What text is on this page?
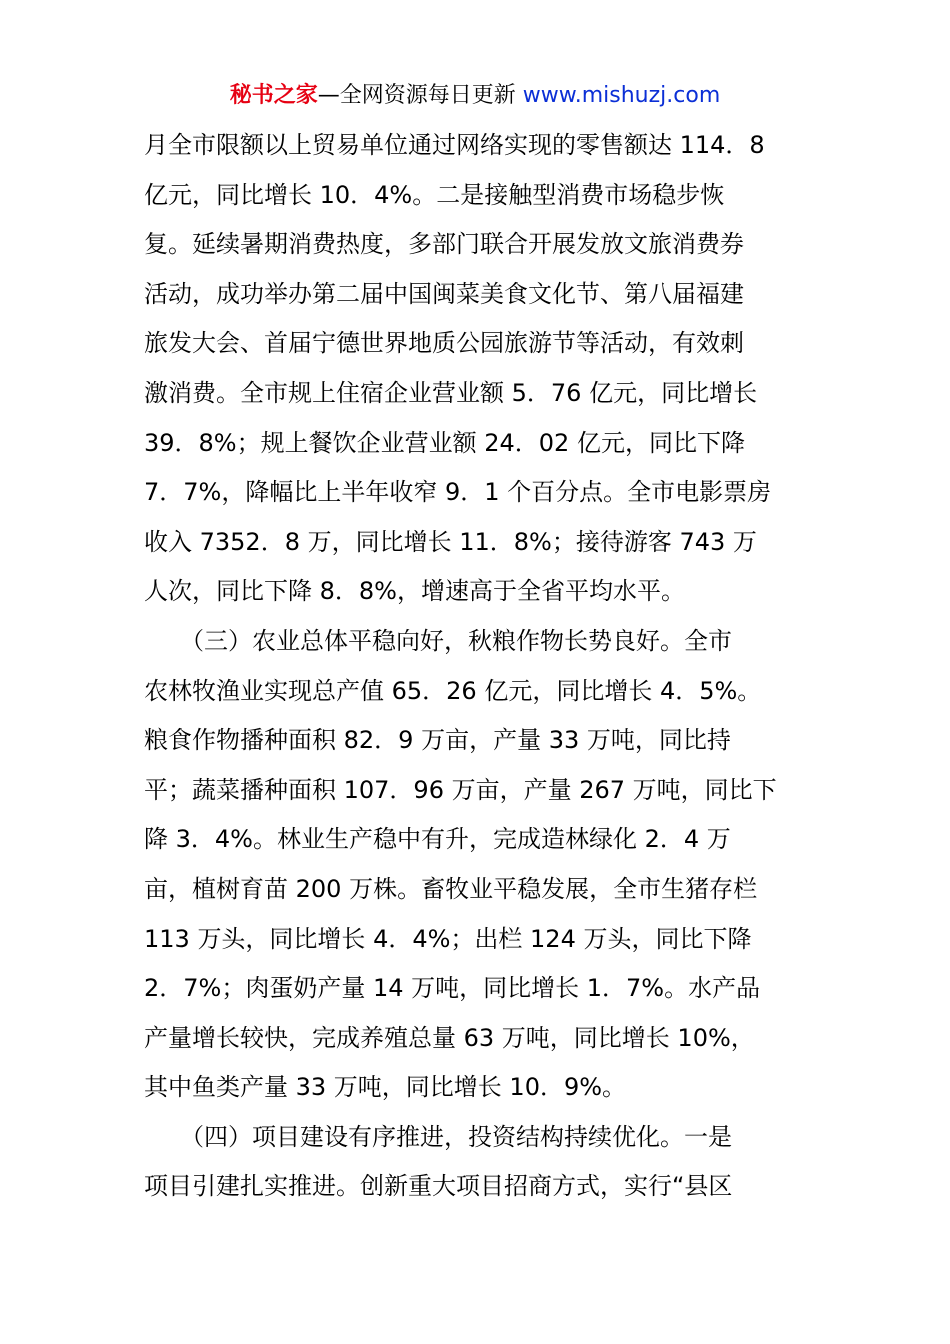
秘书之家—全网资源每日更新 www.mishuzj.com
月全市限额以上贸易单位通过网络实现的零售额达 114．8
亿元，同比增长 10．4%。二是接触型消费市场稳步恢
复。延续暑期消费热度，多部门联合开展发放文旅消费券
活动，成功举办第二届中国闽菜美食文化节、第八届福建
旅发大会、首届宁德世界地质公园旅游节等活动，有效刺
激消费。全市规上住宿企业营业额 5．76 亿元，同比增长
39．8%；规上餐饮企业营业额 24．02 亿元，同比下降
7．7%，降幅比上半年收窄 9．1 个百分点。全市电影票房
收入 7352．8 万，同比增长 11．8%；接待游客 743 万
人次，同比下降 8．8%，增速高于全省平均水平。
　　（三）农业总体平稳向好，秋粮作物长势良好。全市
农林牧渔业实现总产值 65．26 亿元，同比增长 4．5%。
粮食作物播种面积 82．9 万亩，产量 33 万吨，同比持
平；蔬菜播种面积 107．96 万亩，产量 267 万吨，同比下
降 3．4%。林业生产稳中有升，完成造林绿化 2．4 万
亩，植树育苗 200 万株。畜牧业平稳发展，全市生猪存栏
113 万头，同比增长 4．4%；出栏 124 万头，同比下降
2．7%；肉蛋奶产量 14 万吨，同比增长 1．7%。水产品
产量增长较快，完成养殖总量 63 万吨，同比增长 10%，
其中鱼类产量 33 万吨，同比增长 10．9%。
　　（四）项目建设有序推进，投资结构持续优化。一是
项目引建扎实推进。创新重大项目招商方式，实行“县区
